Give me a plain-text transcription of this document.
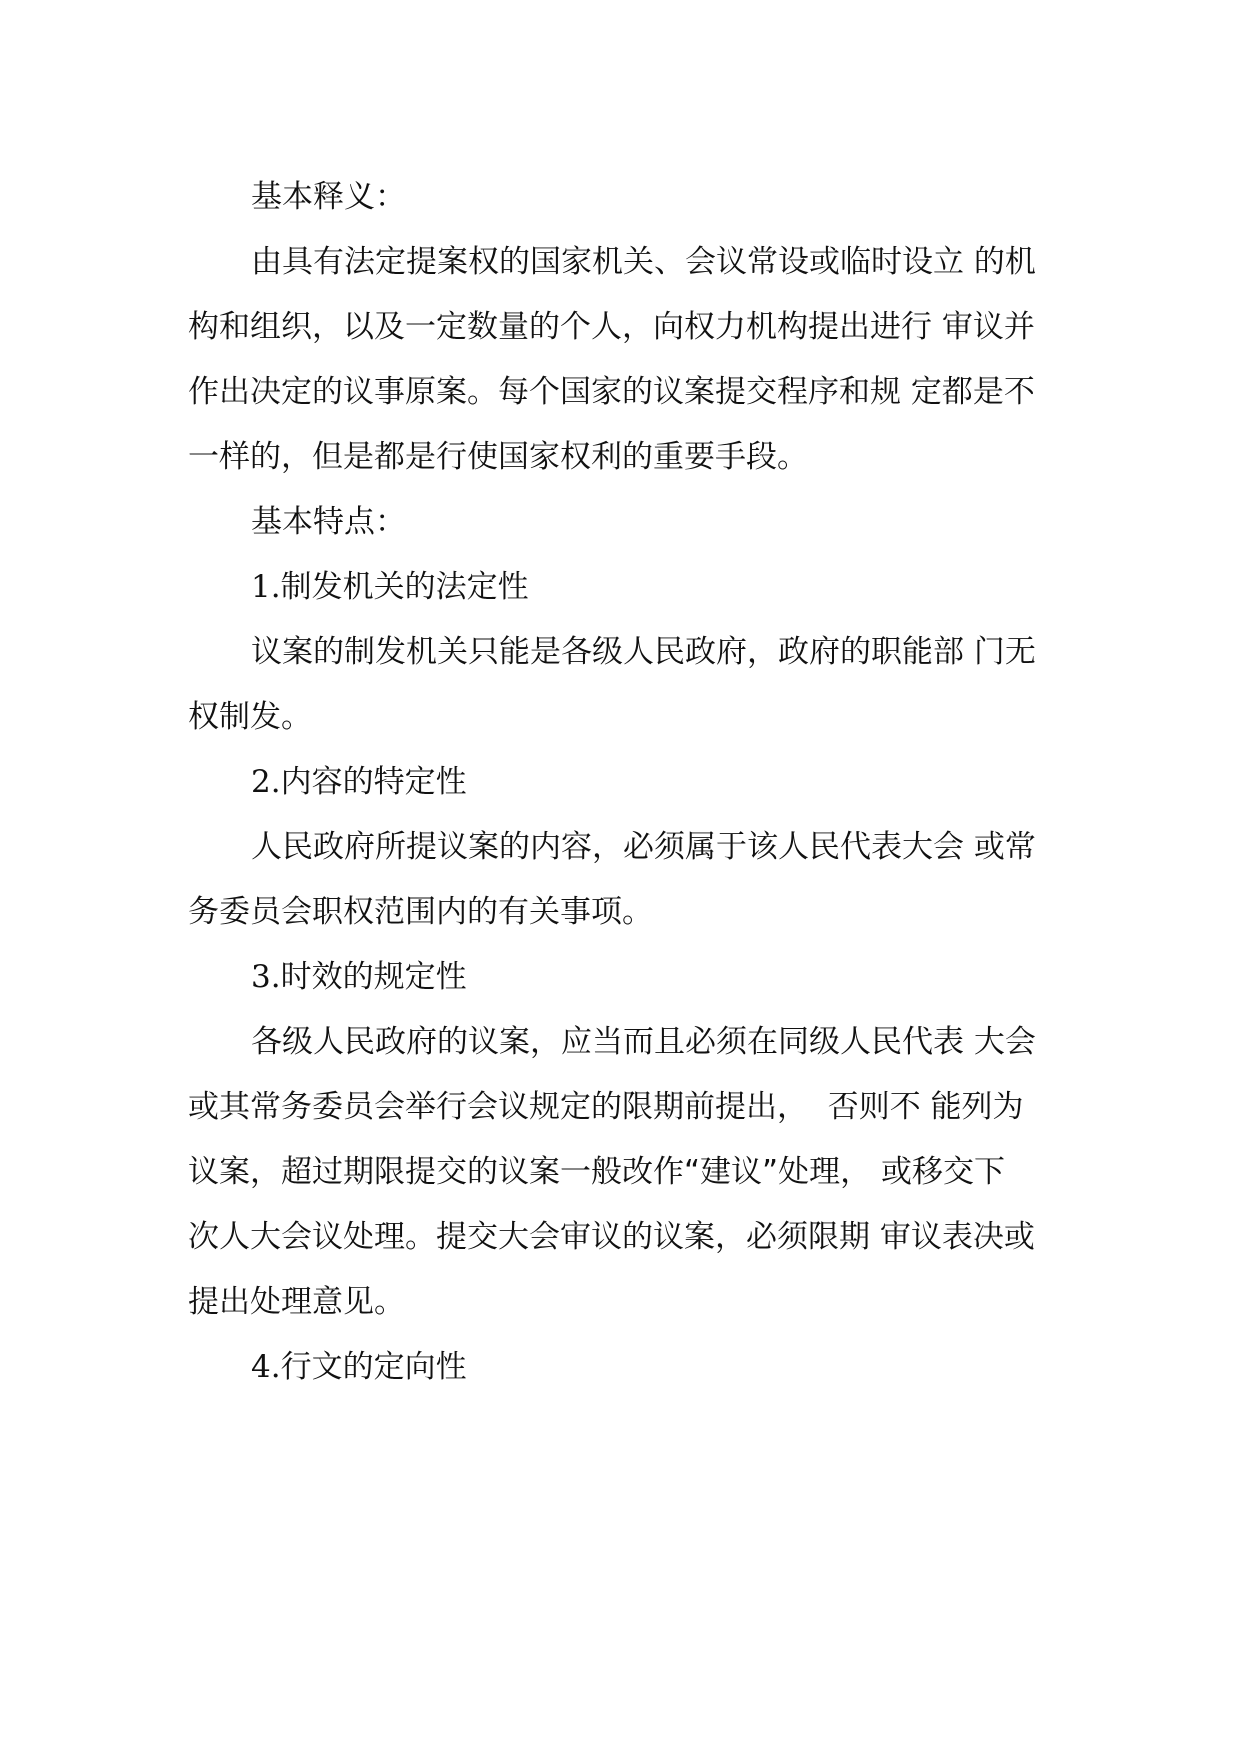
基本释义：
由具有法定提案权的国家机关、会议常设或临时设立 的机
构和组织，以及一定数量的个人，向权力机构提出进行 审议并
作出决定的议事原案。每个国家的议案提交程序和规 定都是不
一样的，但是都是行使国家权利的重要手段。
基本特点：
1.制发机关的法定性
议案的制发机关只能是各级人民政府，政府的职能部 门无
权制发。
2.内容的特定性
人民政府所提议案的内容，必须属于该人民代表大会 或常
务委员会职权范围内的有关事项。
3.时效的规定性
各级人民政府的议案，应当而且必须在同级人民代表 大会
或其常务委员会举行会议规定的限期前提出，  否则不 能列为
议案，超过期限提交的议案一般改作“建议”处理， 或移交下
次人大会议处理。提交大会审议的议案，必须限期 审议表决或
提出处理意见。
4.行文的定向性
